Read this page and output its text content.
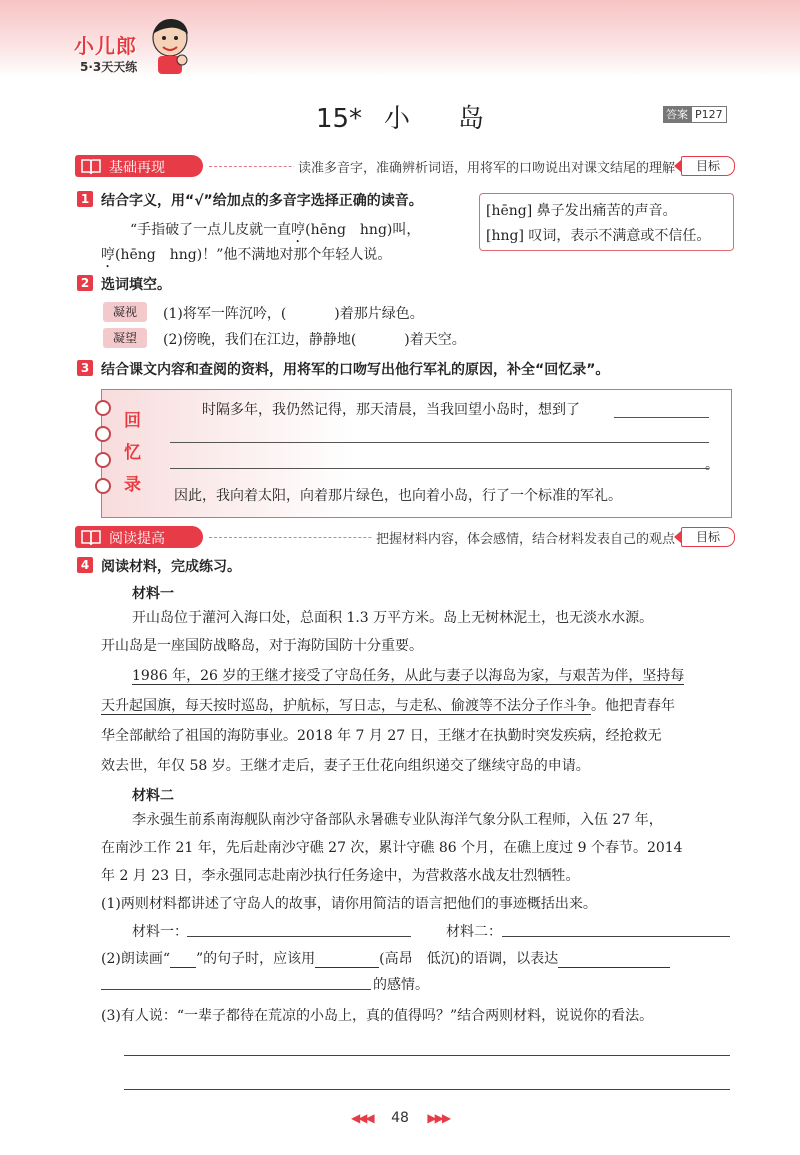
小儿郎
5·3天天练
15* 小岛	答案 P127
基础再现	读准多音字，准确辨析词语，用将军的口吻说出对课文结尾的理解	目标
1 结合字义，用“√”给加点的多音字选择正确的读音。
“手指破了一点儿皮就一直哼(hēng　hng)叫，
哼(hēng　hng)！”他不满地对那个年轻人说。
[hēng] 鼻子发出痛苦的声音。
[hng] 叹词，表示不满意或不信任。
2 选词填空。
凝视
凝望
(1)将军一阵沉吟，(	)着那片绿色。
(2)傍晚，我们在江边，静静地(	)着天空。
3 结合课文内容和查阅的资料，用将军的口吻写出他行军礼的原因，补全“回忆录”。
回
忆
录
时隔多年，我仍然记得，那天清晨，当我回望小岛时，想到了
。
因此，我向着太阳，向着那片绿色，也向着小岛，行了一个标准的军礼。
阅读提高	把握材料内容，体会感情，结合材料发表自己的观点	目标
4 阅读材料，完成练习。
材料一
开山岛位于灌河入海口处，总面积 1.3 万平方米。岛上无树林泥土，也无淡水水源。
开山岛是一座国防战略岛，对于海防国防十分重要。
1986 年，26 岁的王继才接受了守岛任务，从此与妻子以海岛为家，与艰苦为伴，坚持每
天升起国旗，每天按时巡岛，护航标，写日志，与走私、偷渡等不法分子作斗争。他把青春年
华全部献给了祖国的海防事业。2018 年 7 月 27 日，王继才在执勤时突发疾病，经抢救无
效去世，年仅 58 岁。王继才走后，妻子王仕花向组织递交了继续守岛的申请。
材料二
李永强生前系南海舰队南沙守备部队永暑礁专业队海洋气象分队工程师，入伍 27 年，
在南沙工作 21 年，先后赴南沙守礁 27 次，累计守礁 86 个月，在礁上度过 9 个春节。2014
年 2 月 23 日，李永强同志赴南沙执行任务途中，为营救落水战友壮烈牺牲。
(1)两则材料都讲述了守岛人的故事，请你用简洁的语言把他们的事迹概括出来。
材料一：	材料二：
(2)朗读画“ ”的句子时，应该用	(高昂　低沉)的语调，以表达
的感情。
(3)有人说：“一辈子都待在荒凉的小岛上，真的值得吗？”结合两则材料，说说你的看法。
◀◀◀ 48 ▶▶▶
